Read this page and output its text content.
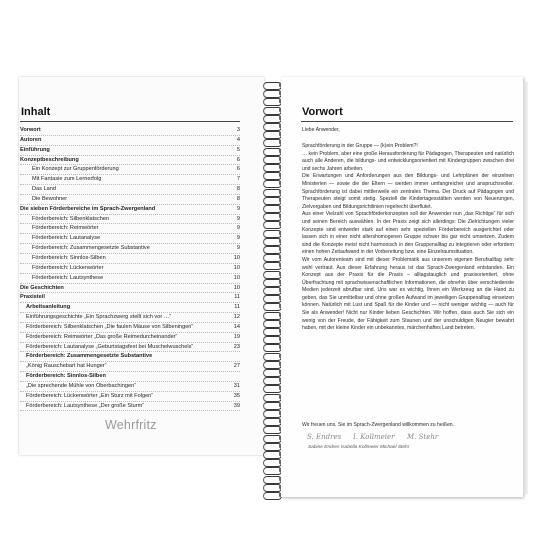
Inhalt
Vorwort	3
Autoren	4
Einführung	5
Konzeptbeschreibung	6
Ein Konzept zur Gruppenförderung	6
Mit Fantasie zum Lernerfolg	7
Das Land	8
Die Bewohner	8
Die sieben Förderbereiche im Sprach-Zwergenland	9
Förderbereich: Silbenklatschen	9
Förderbereich: Reimwörter	9
Förderbereich: Lautanalyse	9
Förderbereich: Zusammengesetzte Substantive	9
Förderbereich: Sinnlos-Silben	10
Förderbereich: Lückenwörter	10
Förderbereich: Lautsynthese	10
Die Geschichten	10
Praxisteil	11
Arbeitsanleitung	11
Einführungsgeschichte „Ein Sprachzwerg stellt sich vor …“	12
Förderbereich: Silbenklatschen „Die faulen Mäuse von Silbeningen“	14
Förderbereich: Reimwörter „Das große Reimedurcheinander“	19
Förderbereich: Lautanalyse „Geburtstagsfest bei Muschelwuschels“	23
Förderbereich: Zusammengesetzte Substantive
„König Rauschebart hat Hunger“	27
Förderbereich: Sinnlos-Silben
„Die sprechende Mühle von Oberbachingen“	31
Förderbereich: Lückenwörter „Ein Sturz mit Folgen“	35
Förderbereich: Lautsynthese „Der große Sturm“	39
Wehrfritz
Vorwort
Liebe Anwender,

Sprachförderung in der Gruppe — (k)ein Problem?!

… kein Problem, aber eine große Herausforderung für Pädagogen, Therapeuten und natürlich auch alle Anderen, die bildungs- und entwicklungsorientiert mit Kindergruppen zwischen drei und sechs Jahren arbeiten.

Die Erwartungen und Anforderungen aus den Bildungs- und Lehrplänen der einzelnen Ministerien — sowie die der Eltern — werden immer umfangreicher und anspruchsvoller. Sprachförderung ist dabei mittlerweile ein zentrales Thema. Der Druck auf Pädagogen und Therapeuten steigt somit stetig. Speziell die Kindertagesstätten werden von Neuerungen, Zielvorgaben und Bildungsrichtlinien regelrecht überflutet.

Aus einer Vielzahl von Sprachförderkonzepten soll der Anwender nun „das Richtige“ für sich und seinen Bereich auswählen. In der Praxis zeigt sich allerdings: Die Zielrichtungen vieler Konzepte sind entweder stark auf einen sehr speziellen Förderbereich ausgerichtet oder lassen sich in einer nicht altershomogenen Gruppe schwer bis gar nicht umsetzen. Zudem sind die Konzepte meist nicht harmonisch in den Gruppenalltag zu integrieren oder erfordern einen hohen Zeitaufwand in der Vorbereitung bzw. eine Einzelraumsituation.

Wir vom Autorenteam sind mit dieser Problematik aus unserem eigenen Berufsalltag sehr wohl vertraut. Aus dieser Erfahrung heraus ist das Sprach-Zwergenland entstanden. Ein Konzept aus der Praxis für die Praxis – alltagstauglich und praxisorientiert, ohne Überfrachtung mit sprachwissenschaftlichen Informationen, die ohnehin über verschiedenste Medien jederzeit abrufbar sind. Uns war es wichtig, Ihnen ein Werkzeug an die Hand zu geben, das Sie unmittelbar und ohne großen Aufwand im jeweiligen Gruppenalltag einsetzen können. Natürlich mit Lust und Spaß für die Kinder und — nicht weniger wichtig — auch für Sie als Anwender! Nicht nur Kinder lieben Geschichten. Wir hoffen, dass auch Sie sich ein wenig von der Freude, der Fähigkeit zum Staunen und der unschuldigen Neugier bewahrt haben, mit der kleine Kinder ein unbekanntes, märchenhaftes Land betreten.

Wir freuen uns, Sie im Sprach-Zwergenland willkommen zu heißen.
S. Endres I. Kollmeier M. Stehr
Sabine Endres Isabella Kollmeier Michael Stehr
